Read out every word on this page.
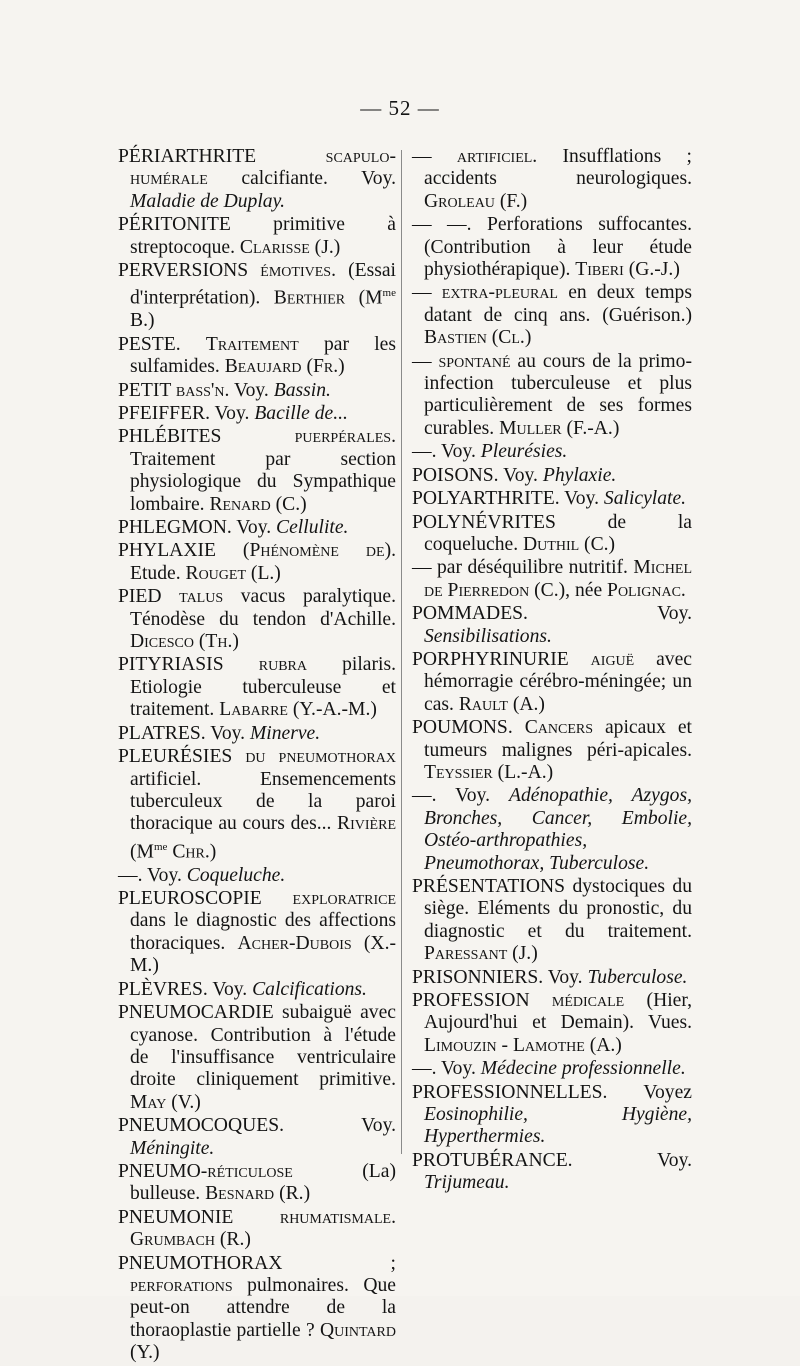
— 52 —

PÉRIARTHRITE scapulo-humérale calcifiante. Voy. Maladie de Duplay.

PÉRITONITE primitive à streptocoque. Clarisse (J.)

PERVERSIONS émotives. (Essai d'interprétation). Berthier ($M^{me}$ B.)

PESTE. Traitement par les sulfamides. Beaujard (Fr.)

PETIT bass'n. Voy. Bassin.

PFEIFFER. Voy. Bacille de...

PHLÉBITES puerpérales. Traitement par section physiologique du Sympathique lombaire. Renard (C.)

PHLEGMON. Voy. Cellulite.

PHYLAXIE (Phénomène de). Etude. Rouget (L.)

PIED talus vacus paralytique. Ténodèse du tendon d'Achille. Dicesco (Th.)

PITYRIASIS rubra pilaris. Etiologie tuberculeuse et traitement. Labarre (Y.-A.-M.)

PLATRES. Voy. Minerve.

PLEURÉSIES du pneumothorax artificiel. Ensemencements tuberculeux de la paroi thoracique au cours des... Rivière ($M^{me}$ Chr.)

—. Voy. Coqueluche.

PLEUROSCOPIE exploratrice dans le diagnostic des affections thoraciques. Acher-Dubois (X.-M.)

PLÈVRES. Voy. Calcifications.

PNEUMOCARDIE subaiguë avec cyanose. Contribution à l'étude de l'insuffisance ventriculaire droite cliniquement primitive. May (V.)

PNEUMOCOQUES. Voy. Méningite.

PNEUMO-réticulose (La) bulleuse. Besnard (R.)

PNEUMONIE rhumatismale. Grumbach (R.)

PNEUMOTHORAX ; perforations pulmonaires. Que peut-on attendre de la thoraoplastie partielle ? Quintard (Y.)

— artificiel. Insufflations ; accidents neurologiques. Groleau (F.)

— —. Perforations suffocantes. (Contribution à leur étude physiothérapique). Tiberi (G.-J.)

— extra-pleural en deux temps datant de cinq ans. (Guérison.) Bastien (Cl.)

— spontané au cours de la primo-infection tuberculeuse et plus particulièrement de ses formes curables. Muller (F.-A.)

—. Voy. Pleurésies.

POISONS. Voy. Phylaxie.

POLYARTHRITE. Voy. Salicylate.

POLYNÉVRITES de la coqueluche. Duthil (C.)

— par déséquilibre nutritif. Michel de Pierredon (C.), née Polignac.

POMMADES. Voy. Sensibilisations.

PORPHYRINURIE aiguë avec hémorragie cérébro-méningée; un cas. Rault (A.)

POUMONS. Cancers apicaux et tumeurs malignes péri-apicales. Teyssier (L.-A.)

—. Voy. Adénopathie, Azygos, Bronches, Cancer, Embolie, Ostéo-arthropathies, Pneumothorax, Tuberculose.

PRÉSENTATIONS dystociques du siège. Eléments du pronostic, du diagnostic et du traitement. Paressant (J.)

PRISONNIERS. Voy. Tuberculose.

PROFESSION médicale (Hier, Aujourd'hui et Demain). Vues. Limouzin - Lamothe (A.)

—. Voy. Médecine professionnelle.

PROFESSIONNELLES. Voyez Eosinophilie, Hygiène, Hyperthermies.

PROTUBÉRANCE. Voy. Trijumeau.
